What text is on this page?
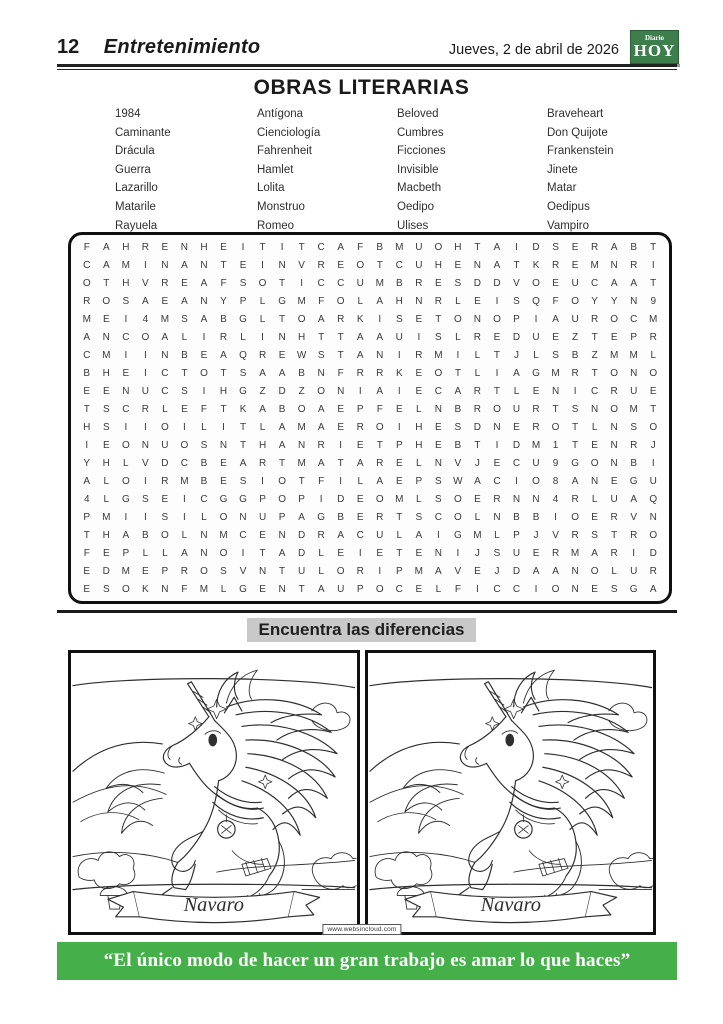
12 Entretenimiento	Jueves, 2 de abril de 2026
Diario
HOY
OBRAS LITERARIAS
1984
Caminante
Drácula
Guerra
Lazarillo
Matarile
Rayuela
Antígona
Cienciología
Fahrenheit
Hamlet
Lolita
Monstruo
Romeo
Beloved
Cumbres
Ficciones
Invisible
Macbeth
Oedipo
Ulises
Braveheart
Don Quijote
Frankenstein
Jinete
Matar
Oedipus
Vampiro
F	A	H	R	E	N	H	E	I	T	I	T	C	A	F	B	M	U	O	H	T	A	I	D	S	E	R	A	B	T
C	A	M	I	N	A	N	T	E	I	N	V	R	E	O	T	C	U	H	E	N	A	T	K	R	E	M	N	R	I
O	T	H	V	R	E	A	F	S	O	T	I	C	C	U	M	B	R	E	S	D	D	V	O	E	U	C	A	A	T
R	O	S	A	E	A	N	Y	P	L	G	M	F	O	L	A	H	N	R	L	E	I	S	Q	F	O	Y	Y	N	9
M	E	I	4	M	S	A	B	G	L	T	O	A	R	K	I	S	E	T	O	N	O	P	I	A	U	R	O	C	M
A	N	C	O	A	L	I	R	L	I	N	H	T	T	A	A	U	I	S	L	R	E	D	U	E	Z	T	E	P	R
C	M	I	I	N	B	E	A	Q	R	E	W	S	T	A	N	I	R	M	I	L	T	J	L	S	B	Z	M	M	L
B	H	E	I	C	T	O	T	S	A	A	B	N	F	R	R	K	E	O	T	L	I	A	G	M	R	T	O	N	O
E	E	N	U	C	S	I	H	G	Z	D	Z	O	N	I	A	I	E	C	A	R	T	L	E	N	I	C	R	U	E
T	S	C	R	L	E	F	T	K	A	B	O	A	E	P	F	E	L	N	B	R	O	U	R	T	S	N	O	M	T
H	S	I	I	O	I	L	I	T	L	A	M	A	E	R	O	I	H	E	S	D	N	E	R	O	T	L	N	S	O
I	E	O	N	U	O	S	N	T	H	A	N	R	I	E	T	P	H	E	B	T	I	D	M	1	T	E	N	R	J
Y	H	L	V	D	C	B	E	A	R	T	M	A	T	A	R	E	L	N	V	J	E	C	U	9	G	O	N	B	I
A	L	O	I	R	M	B	E	S	I	O	T	F	I	L	A	E	P	S	W	A	C	I	O	8	A	N	E	G	U
4	L	G	S	E	I	C	G	G	P	O	P	I	D	E	O	M	L	S	O	E	R	N	N	4	R	L	U	A	Q
P	M	I	I	S	I	L	O	N	U	P	A	G	B	E	R	T	S	C	O	L	N	B	B	I	O	E	R	V	N
T	H	A	B	O	L	N	M	C	E	N	D	R	A	C	U	L	A	I	G	M	L	P	J	V	R	S	T	R	O
F	E	P	L	L	A	N	O	I	T	A	D	L	E	I	E	T	E	N	I	J	S	U	E	R	M	A	R	I	D
E	D	M	E	P	R	O	S	V	N	T	U	L	O	R	I	P	M	A	V	E	J	D	A	A	N	O	L	U	R
E	S	O	K	N	F	M	L	G	E	N	T	A	U	P	O	C	E	L	F	I	C	C	I	O	N	E	S	G	A
Encuentra las diferencias
Navaro	Navaro
www.websincloud.com
“El único modo de hacer un gran trabajo es amar lo que haces”
